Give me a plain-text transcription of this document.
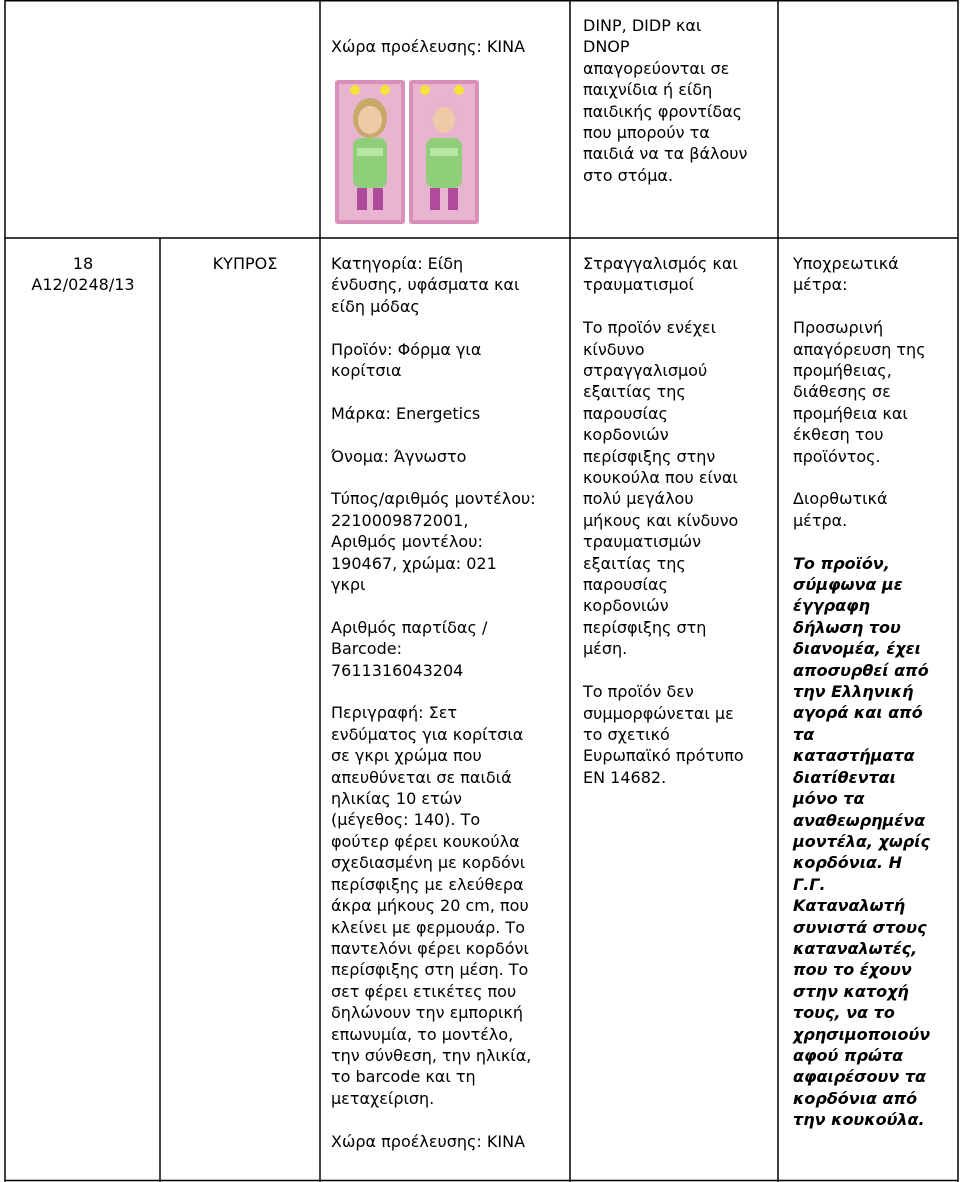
Χώρα προέλευσης: ΚΙΝΑ

DINP, DIDP και
DNOP
απαγορεύονται σε
παιχνίδια ή είδη
παιδικής φροντίδας
που μπορούν τα
παιδιά να τα βάλουν
στο στόμα.

18

A12/0248/13

ΚΥΠΡΟΣ	Κατηγορία: Είδη
ένδυσης, υφάσματα και
είδη μόδας

Προϊόν: Φόρμα για
κορίτσια

Μάρκα: Energetics

Όνομα: Άγνωστο

Τύπος/αριθμός μοντέλου:
2210009872001,
Αριθμός μοντέλου:
190467, χρώμα: 021
γκρι

Αριθμός παρτίδας /
Barcode:
7611316043204

Περιγραφή: Σετ
ενδύματος για κορίτσια
σε γκρι χρώμα που
απευθύνεται σε παιδιά
ηλικίας 10 ετών
(μέγεθος: 140). Το
φούτερ φέρει κουκούλα
σχεδιασμένη με κορδόνι
περίσφιξης με ελεύθερα
άκρα μήκους 20 cm, που
κλείνει με φερμουάρ. Το
παντελόνι φέρει κορδόνι
περίσφιξης στη μέση. Το
σετ φέρει ετικέτες που
δηλώνουν την εμπορική
επωνυμία, το μοντέλο,
την σύνθεση, την ηλικία,
το barcode και τη
μεταχείριση.

Χώρα προέλευσης: ΚΙΝΑ

Στραγγαλισμός και
τραυματισμοί

Το προϊόν ενέχει
κίνδυνο
στραγγαλισμού
εξαιτίας της
παρουσίας
κορδονιών
περίσφιξης στην
κουκούλα που είναι
πολύ μεγάλου
μήκους και κίνδυνο
τραυματισμών
εξαιτίας της
παρουσίας
κορδονιών
περίσφιξης στη
μέση.

Το προϊόν δεν
συμμορφώνεται με
το σχετικό
Ευρωπαϊκό πρότυπο
EN 14682.

Υποχρεωτικά
μέτρα:

Προσωρινή
απαγόρευση της
προμήθειας,
διάθεσης σε
προμήθεια και
έκθεση του
προϊόντος.

Διορθωτικά
μέτρα.

Το προϊόν,
σύμφωνα με
έγγραφη
δήλωση του
διανομέα, έχει
αποσυρθεί από
την Ελληνική
αγορά και από
τα
καταστήματα
διατίθενται
μόνο τα
αναθεωρημένα
μοντέλα, χωρίς
κορδόνια. Η
Γ.Γ.
Καταναλωτή
συνιστά στους
καταναλωτές,
που το έχουν
στην κατοχή
τους, να το
χρησιμοποιούν
αφού πρώτα
αφαιρέσουν τα
κορδόνια από
την κουκούλα.
